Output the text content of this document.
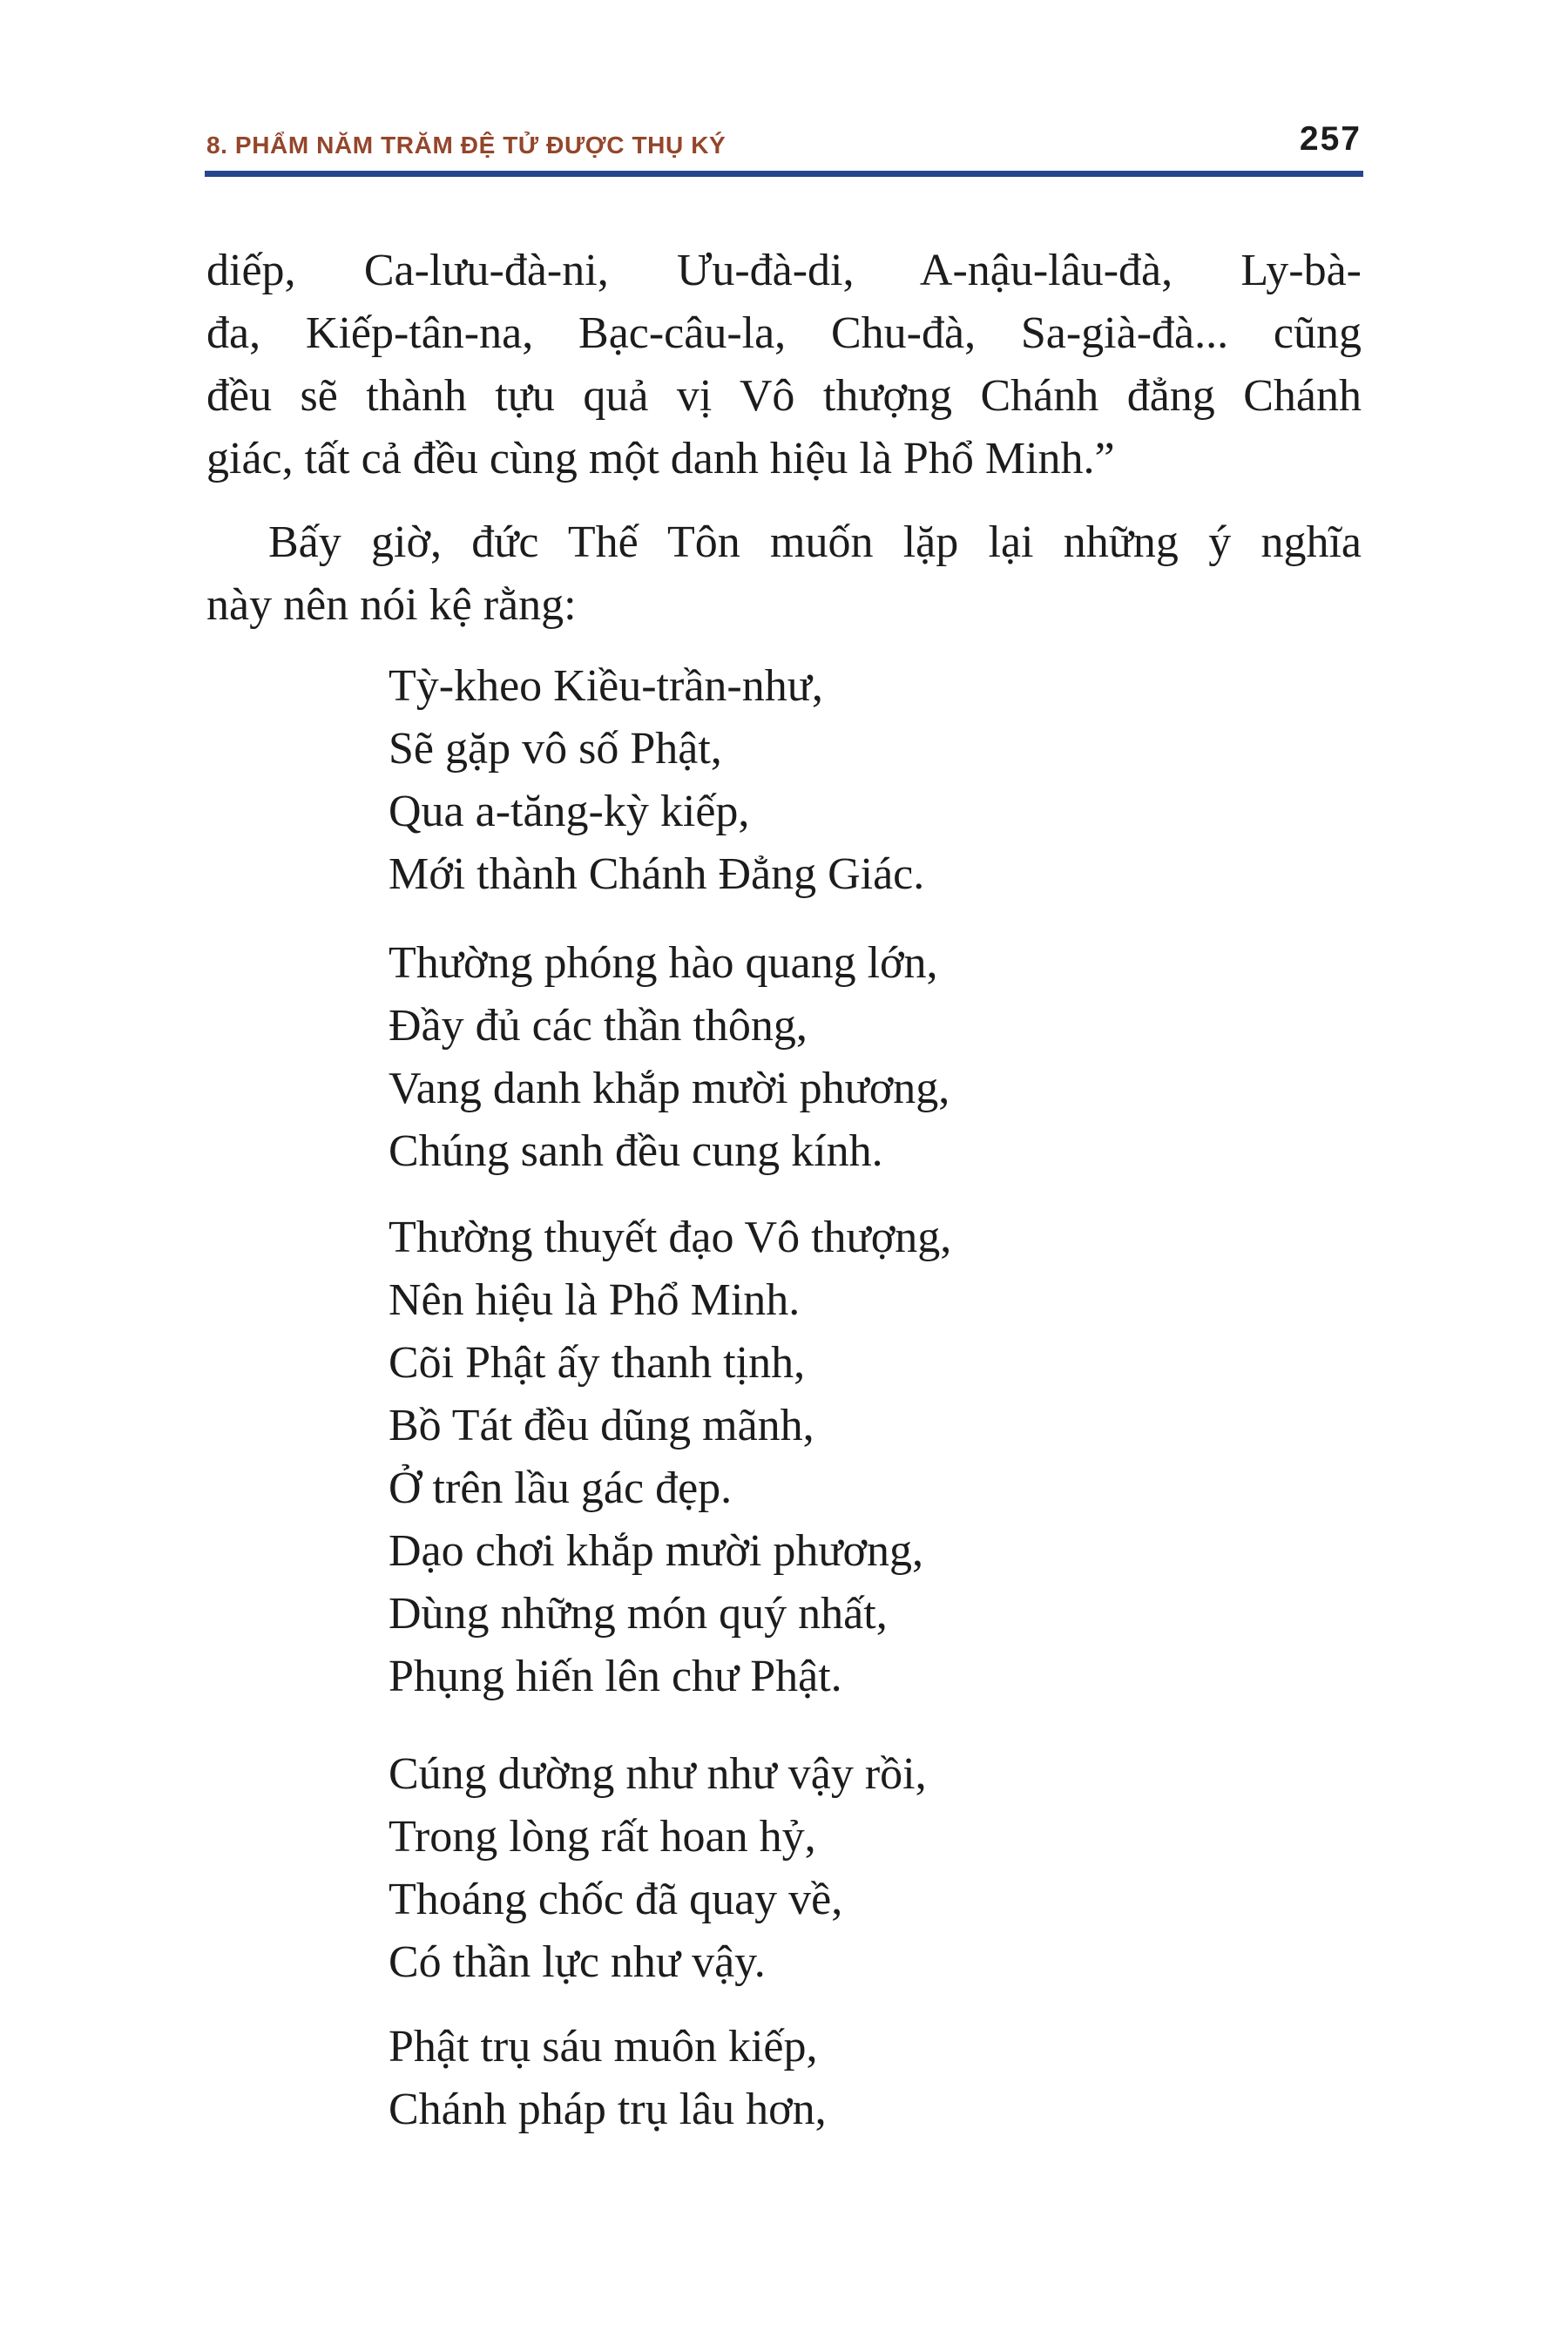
8. PHẨM NĂM TRĂM ĐỆ TỬ ĐƯỢC THỤ KÝ	257

diếp, Ca-lưu-đà-ni, Ưu-đà-di, A-nậu-lâu-đà, Ly-bà-
đa, Kiếp-tân-na, Bạc-câu-la, Chu-đà, Sa-già-đà... cũng
đều sẽ thành tựu quả vị Vô thượng Chánh đẳng Chánh
giác, tất cả đều cùng một danh hiệu là Phổ Minh.”

Bấy giờ, đức Thế Tôn muốn lặp lại những ý nghĩa
này nên nói kệ rằng:

Tỳ-kheo Kiều-trần-như,
Sẽ gặp vô số Phật,
Qua a-tăng-kỳ kiếp,
Mới thành Chánh Đẳng Giác.

Thường phóng hào quang lớn,
Đầy đủ các thần thông,
Vang danh khắp mười phương,
Chúng sanh đều cung kính.

Thường thuyết đạo Vô thượng,
Nên hiệu là Phổ Minh.
Cõi Phật ấy thanh tịnh,
Bồ Tát đều dũng mãnh,
Ở trên lầu gác đẹp.
Dạo chơi khắp mười phương,
Dùng những món quý nhất,
Phụng hiến lên chư Phật.

Cúng dường như như vậy rồi,
Trong lòng rất hoan hỷ,
Thoáng chốc đã quay về,
Có thần lực như vậy.

Phật trụ sáu muôn kiếp,
Chánh pháp trụ lâu hơn,
